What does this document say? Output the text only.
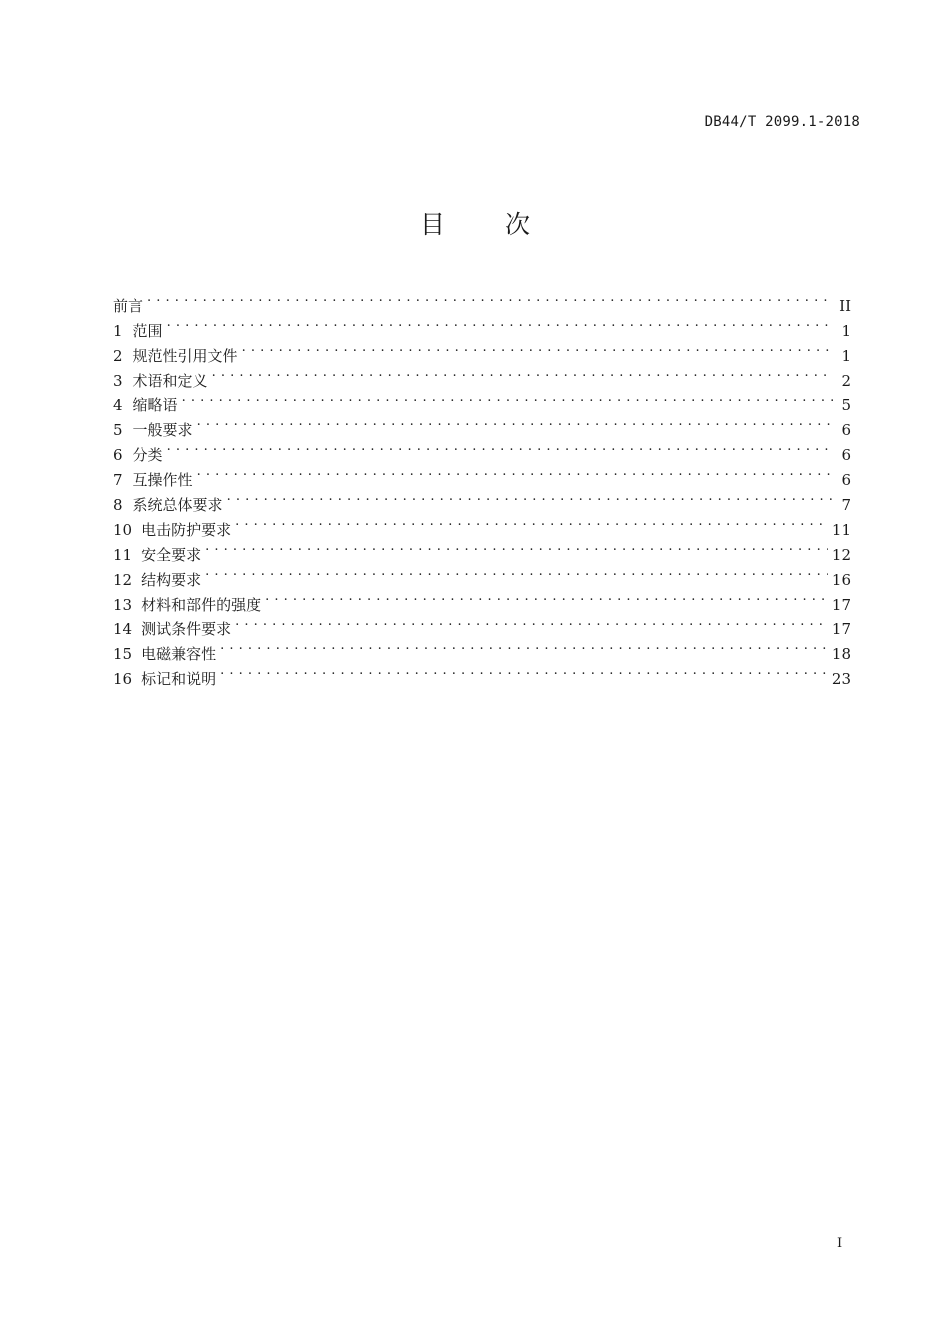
DB44/T 2099.1-2018
目 次
前言 . . .	II
1 范围 . . .	1
2 规范性引用文件 . . .	1
3 术语和定义 . . .	2
4 缩略语 . . .	5
5 一般要求 . . .	6
6 分类 . . .	6
7 互操作性 . . .	6
8 系统总体要求 . . .	7
10 电击防护要求 . . .	11
11 安全要求 . . .	12
12 结构要求 . . .	16
13 材料和部件的强度 . . .	17
14 测试条件要求 . . .	17
15 电磁兼容性 . . .	18
16 标记和说明 . . .	23
I
